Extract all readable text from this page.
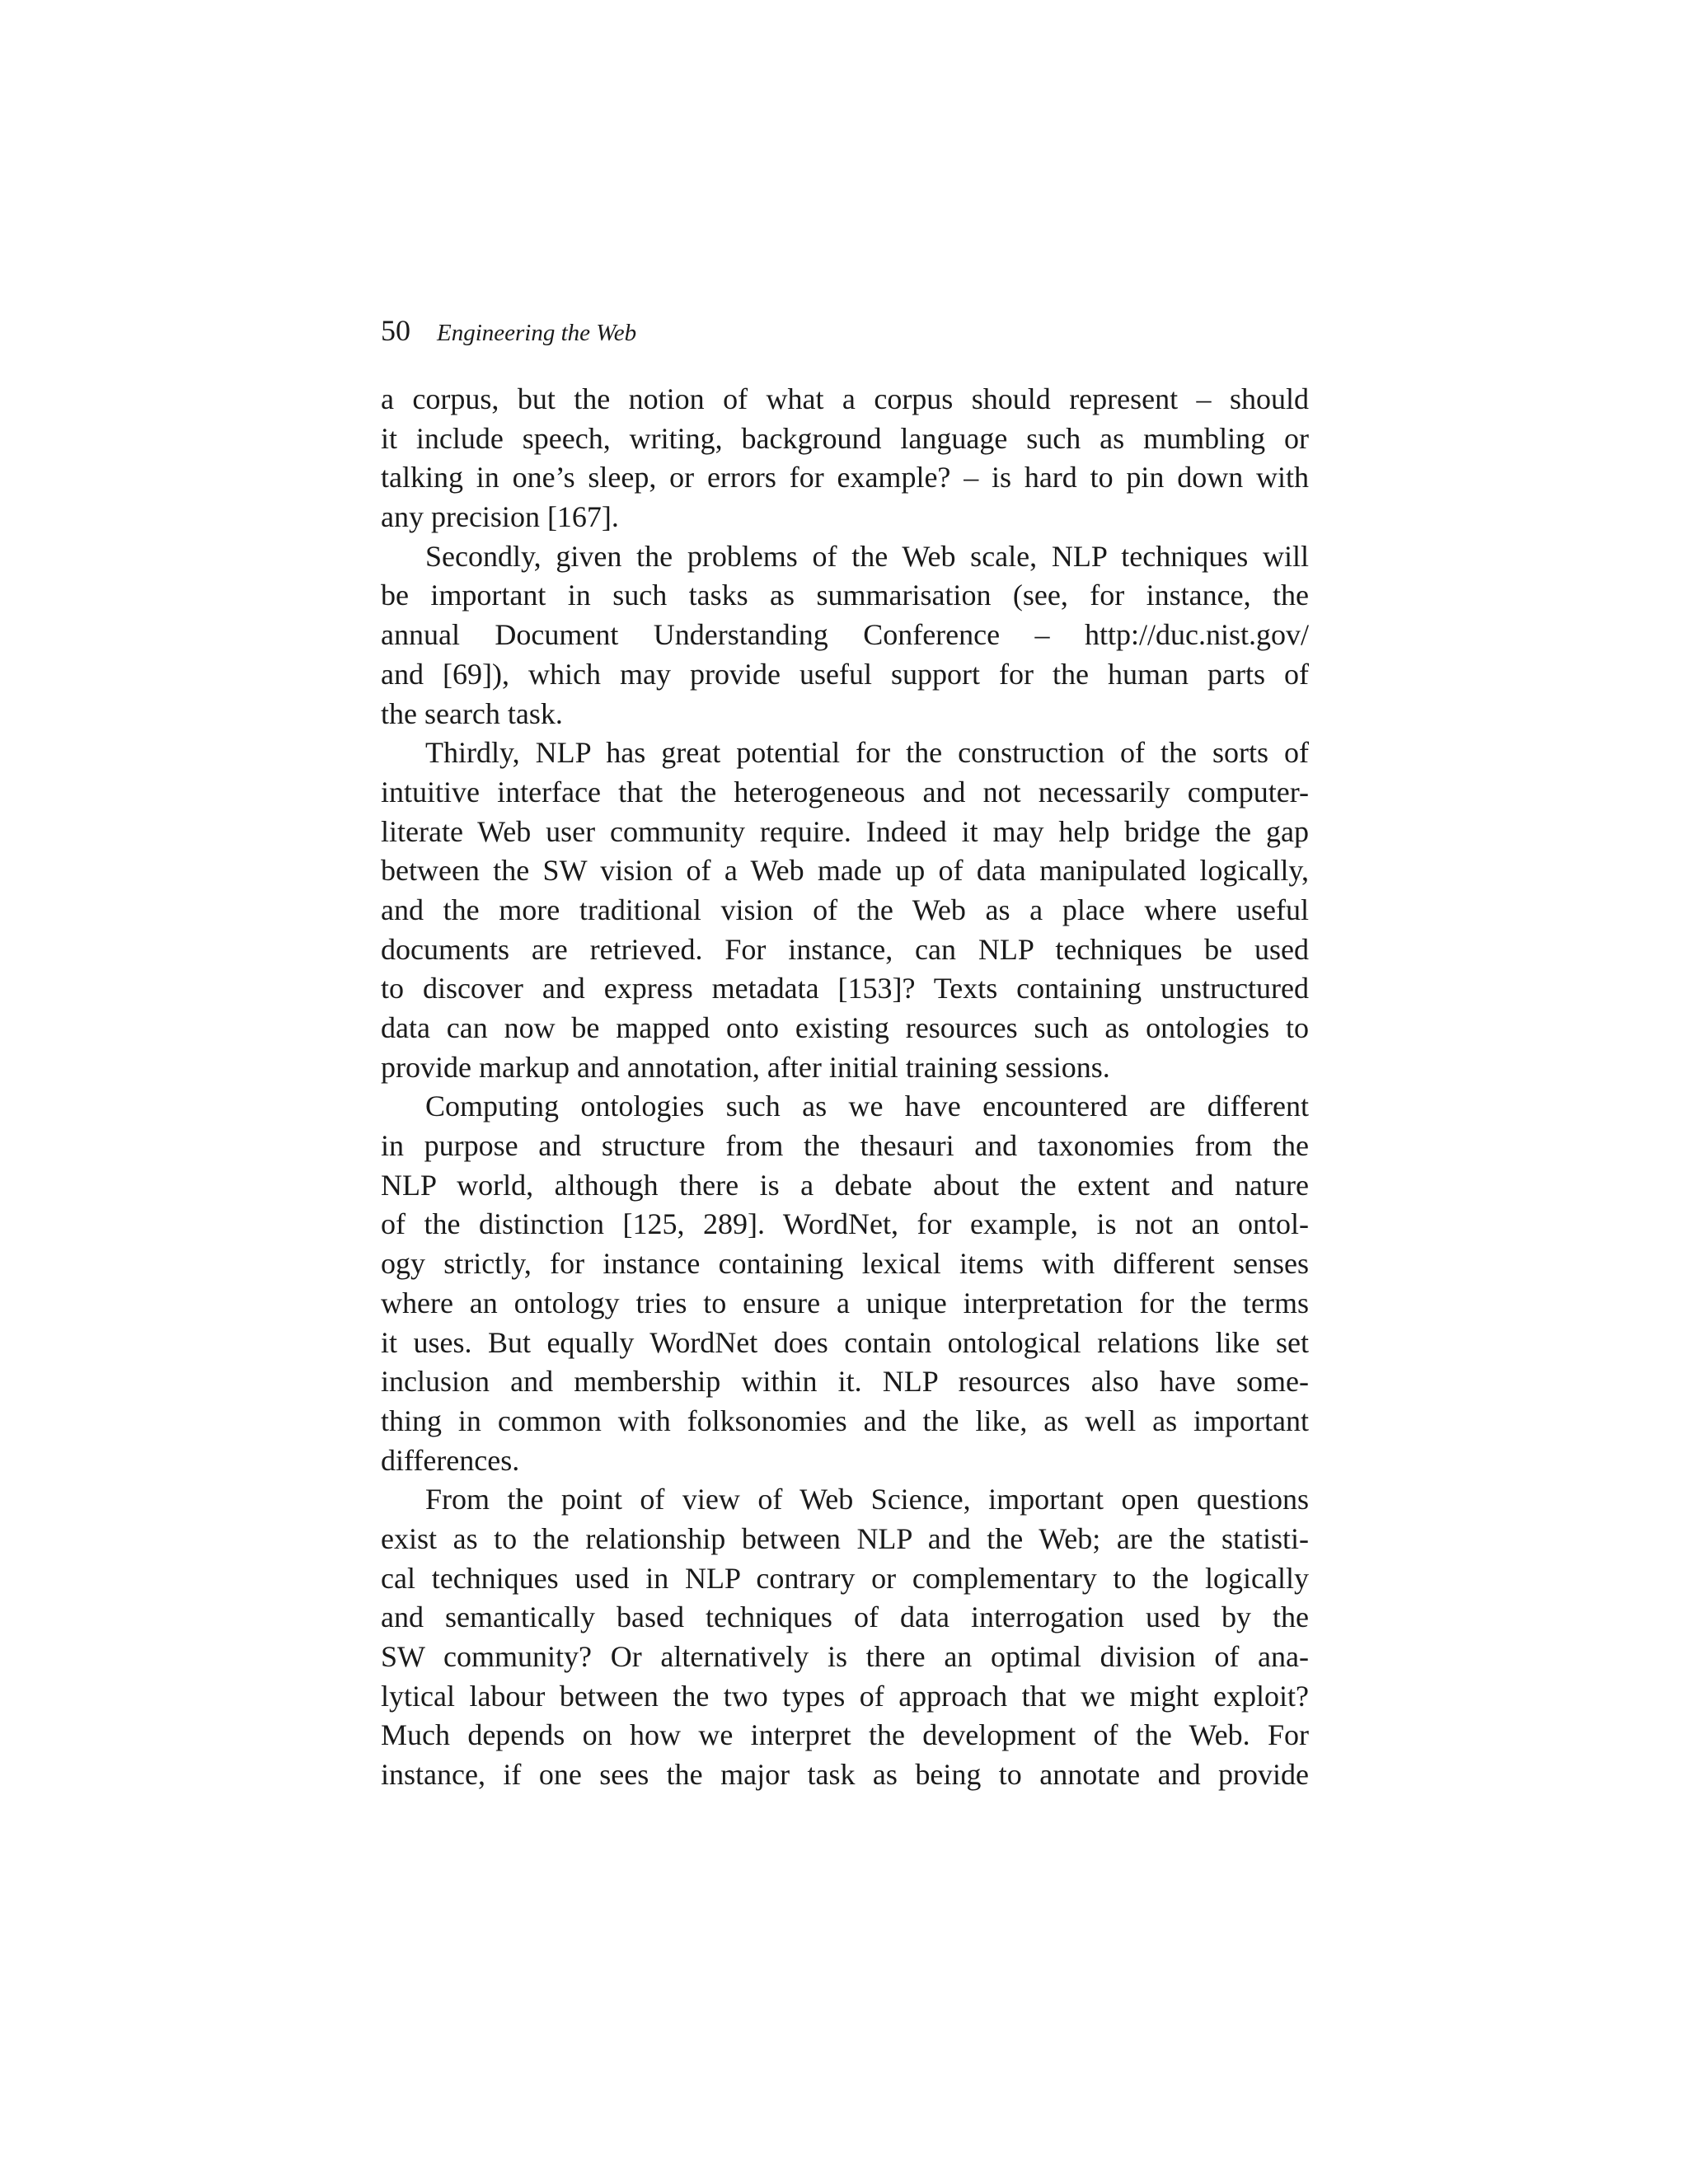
50 Engineering the Web
a corpus, but the notion of what a corpus should represent – should
it include speech, writing, background language such as mumbling or
talking in one’s sleep, or errors for example? – is hard to pin down with
any precision [167].
Secondly, given the problems of the Web scale, NLP techniques will
be important in such tasks as summarisation (see, for instance, the
annual Document Understanding Conference – http://duc.nist.gov/
and [69]), which may provide useful support for the human parts of
the search task.
Thirdly, NLP has great potential for the construction of the sorts of
intuitive interface that the heterogeneous and not necessarily computer-
literate Web user community require. Indeed it may help bridge the gap
between the SW vision of a Web made up of data manipulated logically,
and the more traditional vision of the Web as a place where useful
documents are retrieved. For instance, can NLP techniques be used
to discover and express metadata [153]? Texts containing unstructured
data can now be mapped onto existing resources such as ontologies to
provide markup and annotation, after initial training sessions.
Computing ontologies such as we have encountered are different
in purpose and structure from the thesauri and taxonomies from the
NLP world, although there is a debate about the extent and nature
of the distinction [125, 289]. WordNet, for example, is not an ontol-
ogy strictly, for instance containing lexical items with different senses
where an ontology tries to ensure a unique interpretation for the terms
it uses. But equally WordNet does contain ontological relations like set
inclusion and membership within it. NLP resources also have some-
thing in common with folksonomies and the like, as well as important
differences.
From the point of view of Web Science, important open questions
exist as to the relationship between NLP and the Web; are the statisti-
cal techniques used in NLP contrary or complementary to the logically
and semantically based techniques of data interrogation used by the
SW community? Or alternatively is there an optimal division of ana-
lytical labour between the two types of approach that we might exploit?
Much depends on how we interpret the development of the Web. For
instance, if one sees the major task as being to annotate and provide
